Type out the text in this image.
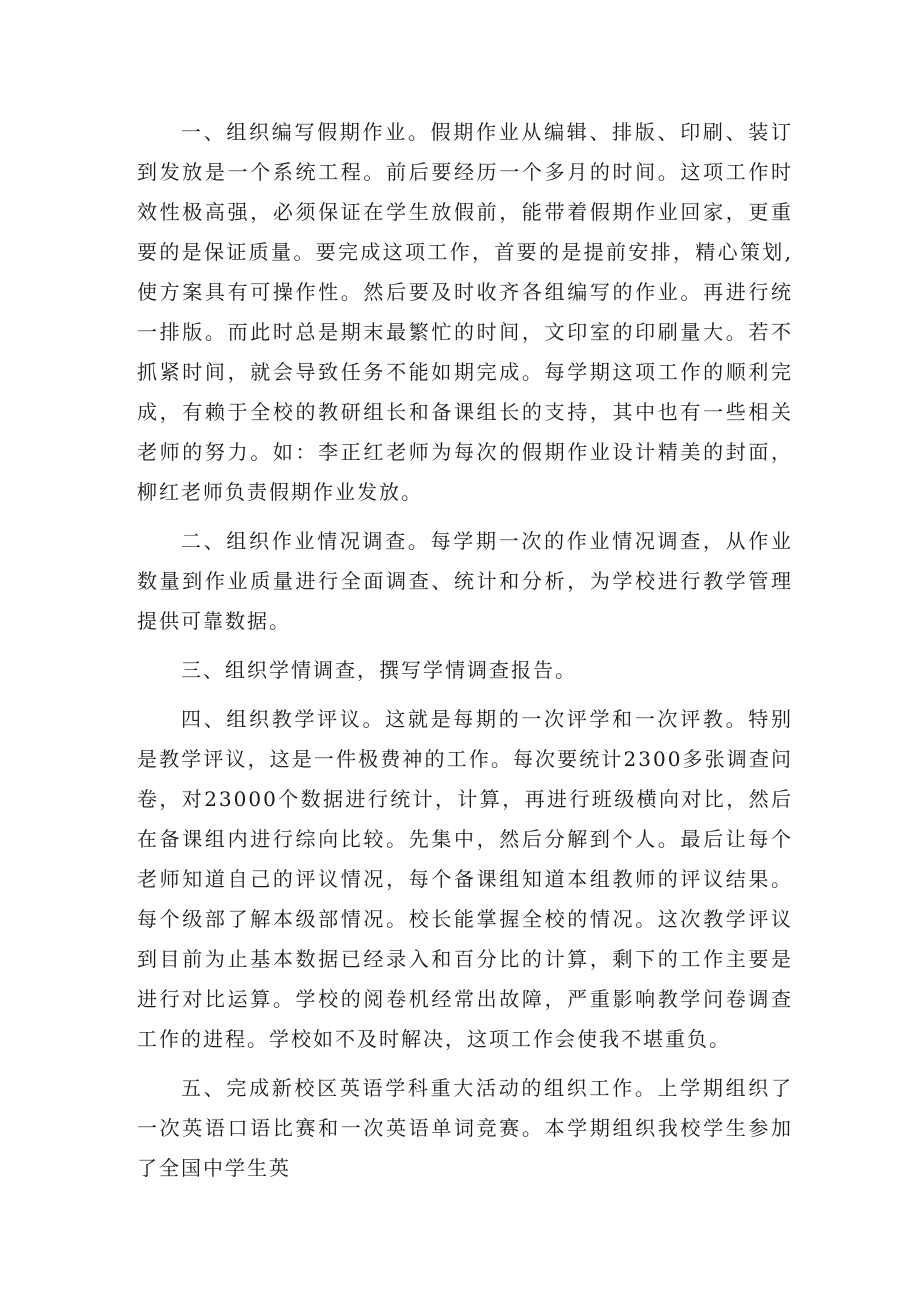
一、组织编写假期作业。假期作业从编辑、排版、印刷、装订到发放是一个系统工程。前后要经历一个多月的时间。这项工作时效性极高强，必须保证在学生放假前，能带着假期作业回家，更重要的是保证质量。要完成这项工作，首要的是提前安排，精心策划,使方案具有可操作性。然后要及时收齐各组编写的作业。再进行统一排版。而此时总是期末最繁忙的时间，文印室的印刷量大。若不抓紧时间，就会导致任务不能如期完成。每学期这项工作的顺利完成，有赖于全校的教研组长和备课组长的支持，其中也有一些相关老师的努力。如：李正红老师为每次的假期作业设计精美的封面，柳红老师负责假期作业发放。

二、组织作业情况调查。每学期一次的作业情况调查，从作业数量到作业质量进行全面调查、统计和分析，为学校进行教学管理提供可靠数据。

三、组织学情调查，撰写学情调查报告。

四、组织教学评议。这就是每期的一次评学和一次评教。特别是教学评议，这是一件极费神的工作。每次要统计2300多张调查问卷，对23000个数据进行统计，计算，再进行班级横向对比，然后在备课组内进行综向比较。先集中，然后分解到个人。最后让每个老师知道自己的评议情况，每个备课组知道本组教师的评议结果。每个级部了解本级部情况。校长能掌握全校的情况。这次教学评议到目前为止基本数据已经录入和百分比的计算，剩下的工作主要是进行对比运算。学校的阅卷机经常出故障，严重影响教学问卷调查工作的进程。学校如不及时解决，这项工作会使我不堪重负。

五、完成新校区英语学科重大活动的组织工作。上学期组织了一次英语口语比赛和一次英语单词竞赛。本学期组织我校学生参加了全国中学生英
